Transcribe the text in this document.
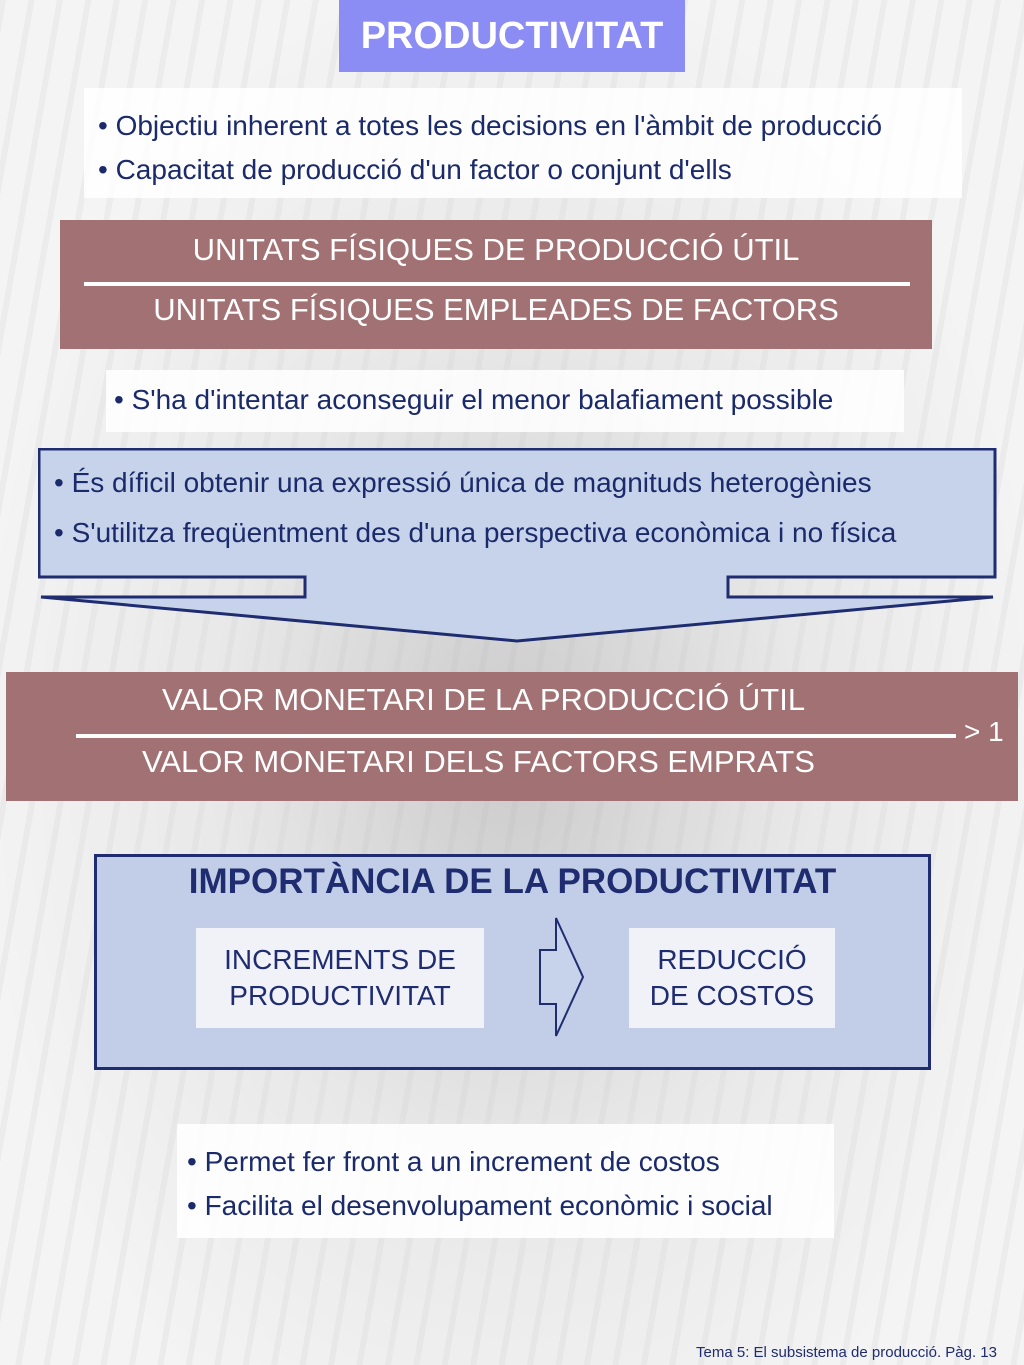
PRODUCTIVITAT
• Objectiu inherent a totes les decisions en l'àmbit de producció
• Capacitat de producció d'un factor o conjunt d'ells
UNITATS FÍSIQUES DE PRODUCCIÓ ÚTIL
UNITATS FÍSIQUES EMPLEADES DE FACTORS
• S'ha d'intentar aconseguir el menor balafiament possible
• És díficil obtenir una expressió única de magnituds heterogènies
• S'utilitza freqüentment des d'una perspectiva econòmica i no física
VALOR MONETARI DE LA PRODUCCIÓ ÚTIL
VALOR MONETARI DELS FACTORS EMPRATS
> 1
IMPORTÀNCIA DE LA PRODUCTIVITAT
INCREMENTS DE
PRODUCTIVITAT
REDUCCIÓ
DE COSTOS
• Permet fer front a un increment de costos
• Facilita el desenvolupament econòmic i social
Tema 5: El subsistema de producció. Pàg. 13
